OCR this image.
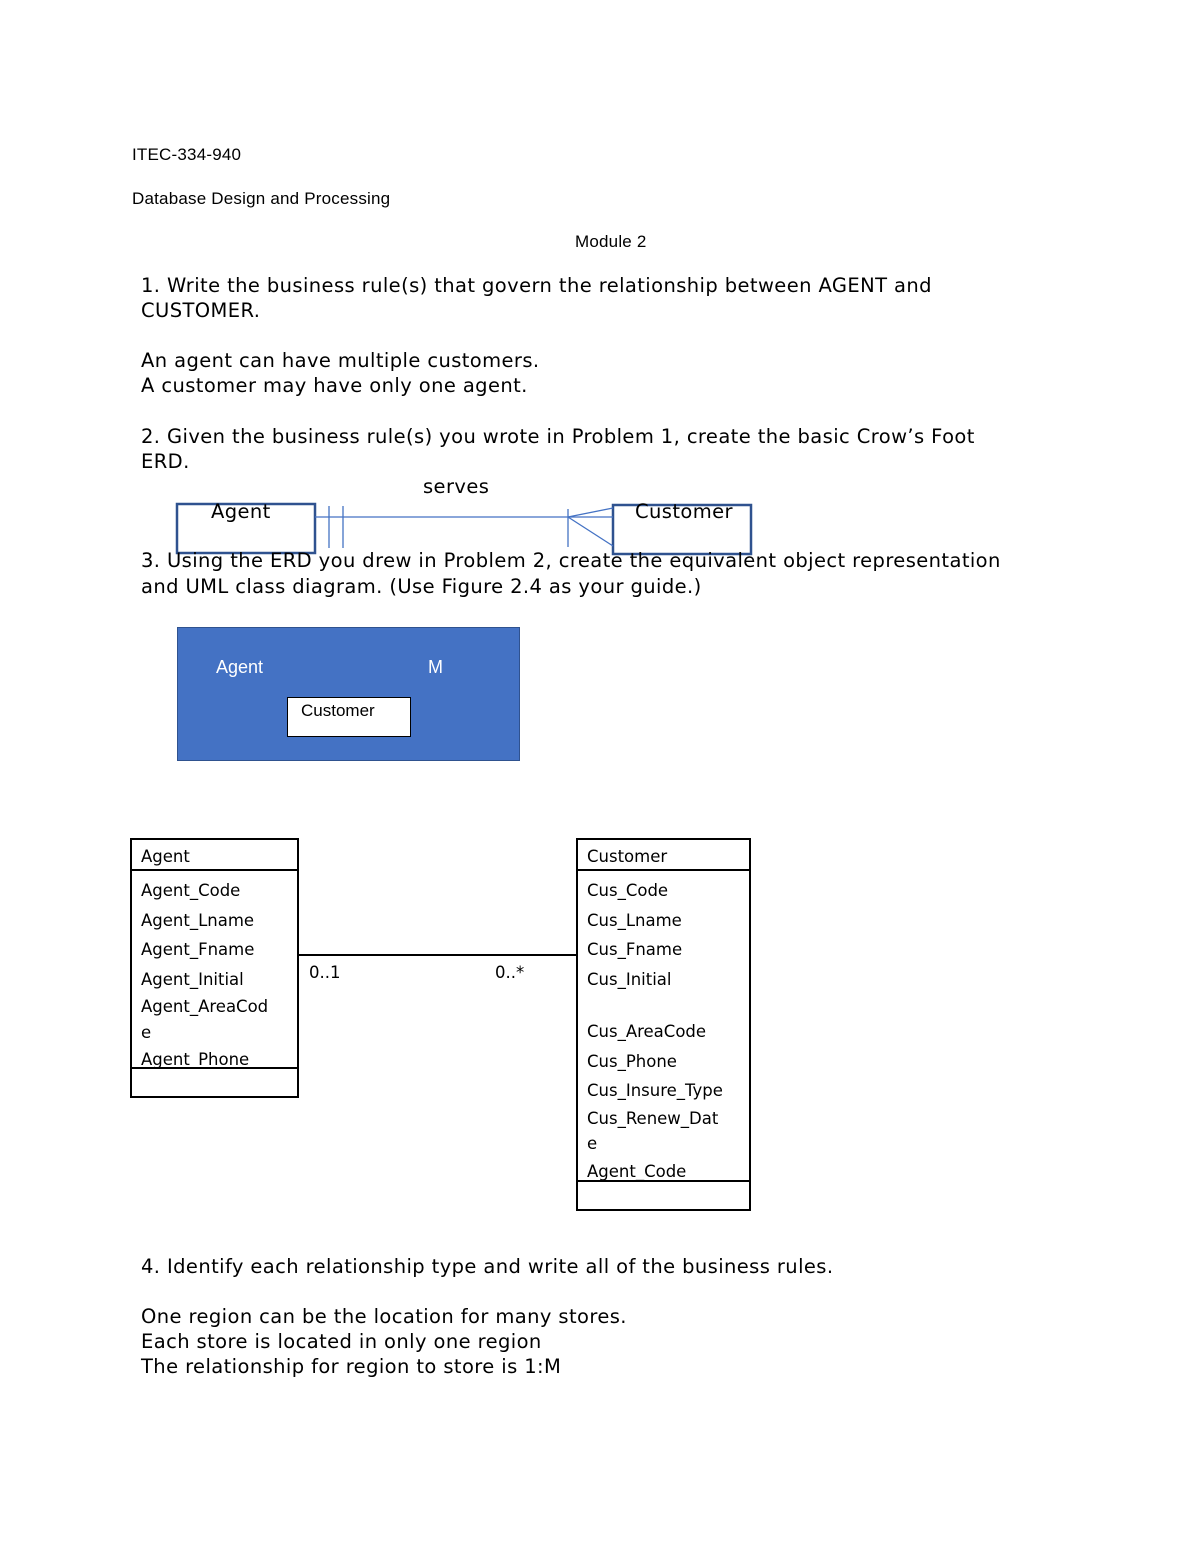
ITEC-334-940
Database Design and Processing
Module 2
1. Write the business rule(s) that govern the relationship between AGENT and
CUSTOMER.
An agent can have multiple customers.
A customer may have only one agent.
2. Given the business rule(s) you wrote in Problem 1, create the basic Crow’s Foot
ERD.
serves
Agent	Customer
3. Using the ERD you drew in Problem 2, create the equivalent object representation
and UML class diagram. (Use Figure 2.4 as your guide.)
Agent	M
Customer
Agent
Agent_Code
Agent_Lname
Agent_Fname
Agent_Initial
Agent_AreaCod
e
Agent_Phone
Customer
Cus_Code
Cus_Lname
Cus_Fname
Cus_Initial
Cus_AreaCode
Cus_Phone
Cus_Insure_Type
Cus_Renew_Dat
e
Agent_Code
0..1	0..*
4. Identify each relationship type and write all of the business rules.
One region can be the location for many stores.
Each store is located in only one region
The relationship for region to store is 1:M
